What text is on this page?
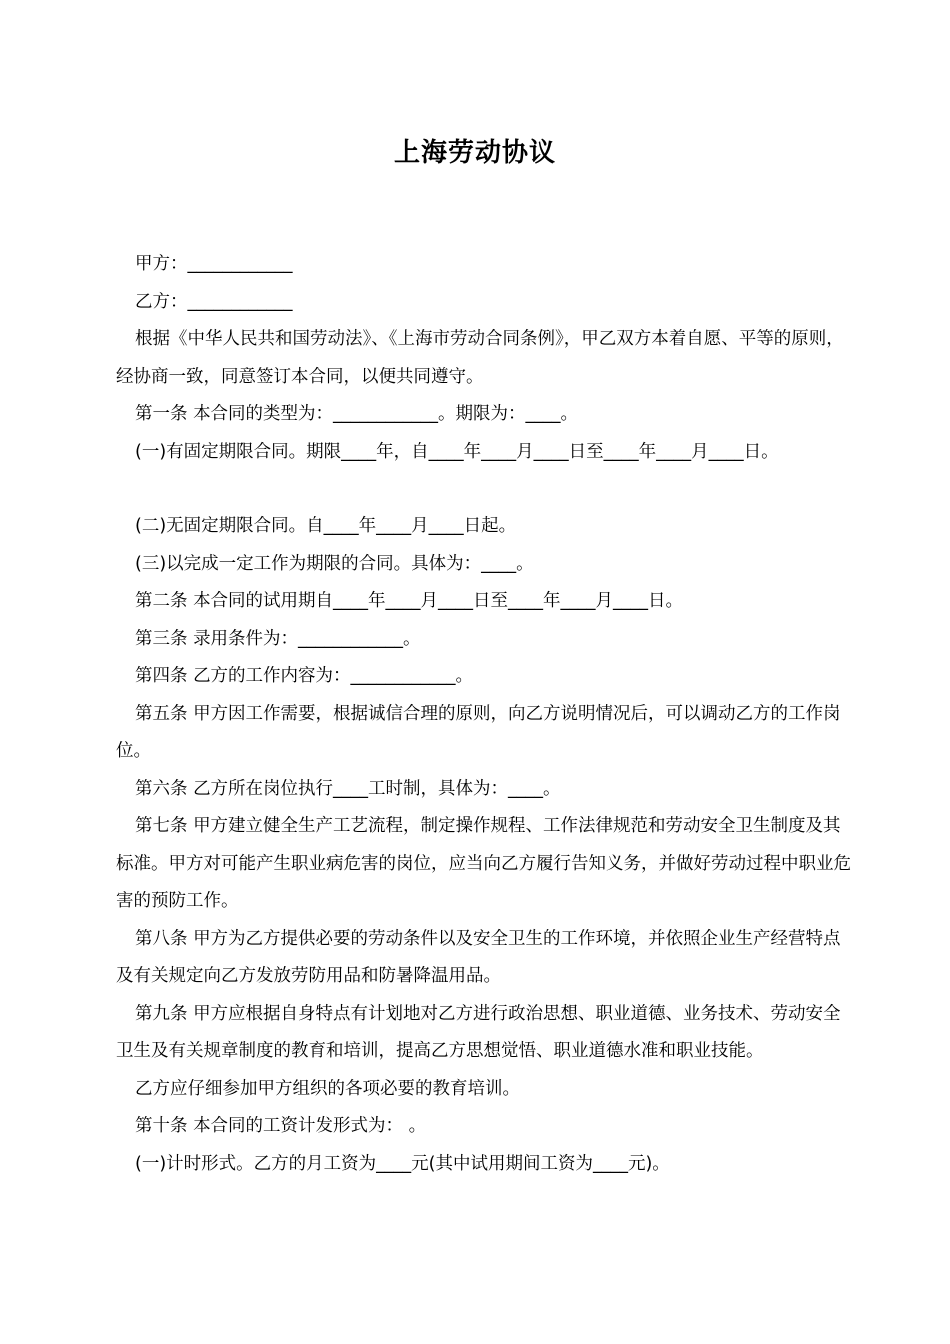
上海劳动协议

甲方：____________

乙方：____________

根据《中华人民共和国劳动法》、《上海市劳动合同条例》，甲乙双方本着自愿、平等的原则，经协商一致，同意签订本合同，以便共同遵守。

第一条 本合同的类型为：____________。期限为：____。

(一)有固定期限合同。期限____年，自____年____月____日至____年____月____日。

(二)无固定期限合同。自____年____月____日起。

(三)以完成一定工作为期限的合同。具体为：____。

第二条 本合同的试用期自____年____月____日至____年____月____日。

第三条 录用条件为：____________。

第四条 乙方的工作内容为：____________。

第五条 甲方因工作需要，根据诚信合理的原则，向乙方说明情况后，可以调动乙方的工作岗位。

第六条 乙方所在岗位执行____工时制，具体为：____。

第七条 甲方建立健全生产工艺流程，制定操作规程、工作法律规范和劳动安全卫生制度及其标准。甲方对可能产生职业病危害的岗位，应当向乙方履行告知义务，并做好劳动过程中职业危害的预防工作。

第八条 甲方为乙方提供必要的劳动条件以及安全卫生的工作环境，并依照企业生产经营特点及有关规定向乙方发放劳防用品和防暑降温用品。

第九条 甲方应根据自身特点有计划地对乙方进行政治思想、职业道德、业务技术、劳动安全卫生及有关规章制度的教育和培训，提高乙方思想觉悟、职业道德水准和职业技能。

乙方应仔细参加甲方组织的各项必要的教育培训。

第十条 本合同的工资计发形式为： 。

(一)计时形式。乙方的月工资为____元(其中试用期间工资为____元)。
